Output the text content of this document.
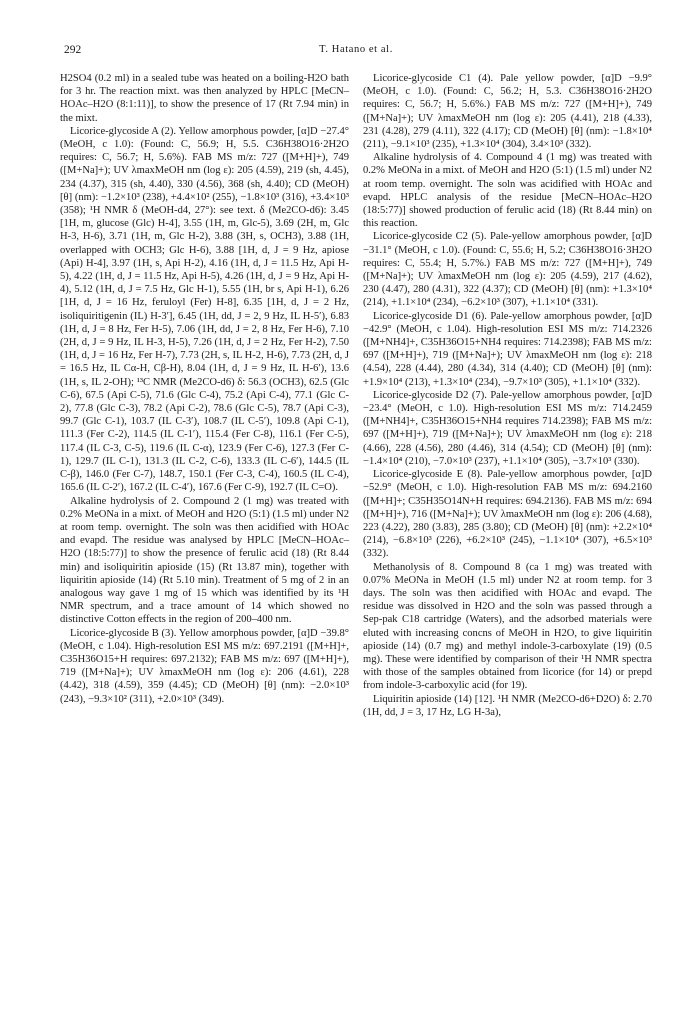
292	T. Hatano et al.

H2SO4 (0.2 ml) in a sealed tube was heated on a boiling-H2O bath for 3 hr. The reaction mixt. was then analyzed by HPLC [MeCN–HOAc–H2O (8:1:11)], to show the presence of 17 (Rt 7.94 min) in the mixt.

Licorice-glycoside A (2). Yellow amorphous powder, [α]D −27.4° (MeOH, c 1.0): (Found: C, 56.9; H, 5.5. C36H38O16·2H2O requires: C, 56.7; H, 5.6%). FAB MS m/z: 727 ([M+H]+), 749 ([M+Na]+); UV λmaxMeOH nm (log ε): 205 (4.59), 219 (sh, 4.45), 234 (4.37), 315 (sh, 4.40), 330 (4.56), 368 (sh, 4.40); CD (MeOH) [θ] (nm): −1.2×10³ (238), +4.4×10² (255), −1.8×10³ (316), +3.4×10³ (358); ¹H NMR δ (MeOH-d4, 27°): see text. δ (Me2CO-d6): 3.45 [1H, m, glucose (Glc) H-4], 3.55 (1H, m, Glc-5), 3.69 (2H, m, Glc H-3, H-6), 3.71 (1H, m, Glc H-2), 3.88 (3H, s, OCH3), 3.88 (1H, overlapped with OCH3; Glc H-6), 3.88 [1H, d, J = 9 Hz, apiose (Api) H-4], 3.97 (1H, s, Api H-2), 4.16 (1H, d, J = 11.5 Hz, Api H-5), 4.22 (1H, d, J = 11.5 Hz, Api H-5), 4.26 (1H, d, J = 9 Hz, Api H-4), 5.12 (1H, d, J = 7.5 Hz, Glc H-1), 5.55 (1H, br s, Api H-1), 6.26 [1H, d, J = 16 Hz, feruloyl (Fer) H-8], 6.35 [1H, d, J = 2 Hz, isoliquiritigenin (IL) H-3′], 6.45 (1H, dd, J = 2, 9 Hz, IL H-5′), 6.83 (1H, d, J = 8 Hz, Fer H-5), 7.06 (1H, dd, J = 2, 8 Hz, Fer H-6), 7.10 (2H, d, J = 9 Hz, IL H-3, H-5), 7.26 (1H, d, J = 2 Hz, Fer H-2), 7.50 (1H, d, J = 16 Hz, Fer H-7), 7.73 (2H, s, IL H-2, H-6), 7.73 (2H, d, J = 16.5 Hz, IL Cα-H, Cβ-H), 8.04 (1H, d, J = 9 Hz, IL H-6′), 13.6 (1H, s, IL 2-OH); ¹³C NMR (Me2CO-d6) δ: 56.3 (OCH3), 62.5 (Glc C-6), 67.5 (Api C-5), 71.6 (Glc C-4), 75.2 (Api C-4), 77.1 (Glc C-2), 77.8 (Glc C-3), 78.2 (Api C-2), 78.6 (Glc C-5), 78.7 (Api C-3), 99.7 (Glc C-1), 103.7 (IL C-3′), 108.7 (IL C-5′), 109.8 (Api C-1), 111.3 (Fer C-2), 114.5 (IL C-1′), 115.4 (Fer C-8), 116.1 (Fer C-5), 117.4 (IL C-3, C-5), 119.6 (IL C-α), 123.9 (Fer C-6), 127.3 (Fer C-1), 129.7 (IL C-1), 131.3 (IL C-2, C-6), 133.3 (IL C-6′), 144.5 (IL C-β), 146.0 (Fer C-7), 148.7, 150.1 (Fer C-3, C-4), 160.5 (IL C-4), 165.6 (IL C-2′), 167.2 (IL C-4′), 167.6 (Fer C-9), 192.7 (IL C=O).

Alkaline hydrolysis of 2. Compound 2 (1 mg) was treated with 0.2% MeONa in a mixt. of MeOH and H2O (5:1) (1.5 ml) under N2 at room temp. overnight. The soln was then acidified with HOAc and evapd. The residue was analysed by HPLC [MeCN–HOAc–H2O (18:5:77)] to show the presence of ferulic acid (18) (Rt 8.44 min) and isoliquiritin apioside (15) (Rt 13.87 min), together with liquiritin apioside (14) (Rt 5.10 min). Treatment of 5 mg of 2 in an analogous way gave 1 mg of 15 which was identified by its ¹H NMR spectrum, and a trace amount of 14 which showed no distinctive Cotton effects in the region of 200–400 nm.

Licorice-glycoside B (3). Yellow amorphous powder, [α]D −39.8° (MeOH, c 1.04). High-resolution ESI MS m/z: 697.2191 ([M+H]+, C35H36O15+H requires: 697.2132); FAB MS m/z: 697 ([M+H]+), 719 ([M+Na]+); UV λmaxMeOH nm (log ε): 206 (4.61), 228 (4.42), 318 (4.59), 359 (4.45); CD (MeOH) [θ] (nm): −2.0×10³ (243), −9.3×10² (311), +2.0×10³ (349).

Licorice-glycoside C1 (4). Pale yellow powder, [α]D −9.9° (MeOH, c 1.0). (Found: C, 56.2; H, 5.3. C36H38O16·2H2O requires: C, 56.7; H, 5.6%.) FAB MS m/z: 727 ([M+H]+), 749 ([M+Na]+); UV λmaxMeOH nm (log ε): 205 (4.41), 218 (4.33), 231 (4.28), 279 (4.11), 322 (4.17); CD (MeOH) [θ] (nm): −1.8×10⁴ (211), −9.1×10³ (235), +1.3×10⁴ (304), 3.4×10³ (332).

Alkaline hydrolysis of 4. Compound 4 (1 mg) was treated with 0.2% MeONa in a mixt. of MeOH and H2O (5:1) (1.5 ml) under N2 at room temp. overnight. The soln was acidified with HOAc and evapd. HPLC analysis of the residue [MeCN–HOAc–H2O (18:5:77)] showed production of ferulic acid (18) (Rt 8.44 min) on this reaction.

Licorice-glycoside C2 (5). Pale-yellow amorphous powder, [α]D −31.1° (MeOH, c 1.0). (Found: C, 55.6; H, 5.2; C36H38O16·3H2O requires: C, 55.4; H, 5.7%.) FAB MS m/z: 727 ([M+H]+), 749 ([M+Na]+); UV λmaxMeOH nm (log ε): 205 (4.59), 217 (4.62), 230 (4.47), 280 (4.31), 322 (4.37); CD (MeOH) [θ] (nm): +1.3×10⁴ (214), +1.1×10⁴ (234), −6.2×10³ (307), +1.1×10⁴ (331).

Licorice-glycoside D1 (6). Pale-yellow amorphous powder, [α]D −42.9° (MeOH, c 1.04). High-resolution ESI MS m/z: 714.2326 ([M+NH4]+, C35H36O15+NH4 requires: 714.2398); FAB MS m/z: 697 ([M+H]+), 719 ([M+Na]+); UV λmaxMeOH nm (log ε): 218 (4.54), 228 (4.44), 280 (4.34), 314 (4.40); CD (MeOH) [θ] (nm): +1.9×10⁴ (213), +1.3×10⁴ (234), −9.7×10³ (305), +1.1×10⁴ (332).

Licorice-glycoside D2 (7). Pale-yellow amorphous powder, [α]D −23.4° (MeOH, c 1.0). High-resolution ESI MS m/z: 714.2459 ([M+NH4]+, C35H36O15+NH4 requires 714.2398); FAB MS m/z: 697 ([M+H]+), 719 ([M+Na]+); UV λmaxMeOH nm (log ε): 218 (4.66), 228 (4.56), 280 (4.46), 314 (4.54); CD (MeOH) [θ] (nm): −1.4×10⁴ (210), −7.0×10³ (237), +1.1×10⁴ (305), −3.7×10³ (330).

Licorice-glycoside E (8). Pale-yellow amorphous powder, [α]D −52.9° (MeOH, c 1.0). High-resolution FAB MS m/z: 694.2160 ([M+H]+; C35H35O14N+H requires: 694.2136). FAB MS m/z: 694 ([M+H]+), 716 ([M+Na]+); UV λmaxMeOH nm (log ε): 206 (4.68), 223 (4.22), 280 (3.83), 285 (3.80); CD (MeOH) [θ] (nm): +2.2×10⁴ (214), −6.8×10³ (226), +6.2×10³ (245), −1.1×10⁴ (307), +6.5×10³ (332).

Methanolysis of 8. Compound 8 (ca 1 mg) was treated with 0.07% MeONa in MeOH (1.5 ml) under N2 at room temp. for 3 days. The soln was then acidified with HOAc and evapd. The residue was dissolved in H2O and the soln was passed through a Sep-pak C18 cartridge (Waters), and the adsorbed materials were eluted with increasing concns of MeOH in H2O, to give liquiritin apioside (14) (0.7 mg) and methyl indole-3-carboxylate (19) (0.5 mg). These were identified by comparison of their ¹H NMR spectra with those of the samples obtained from licorice (for 14) or prepd from indole-3-carboxylic acid (for 19).

Liquiritin apioside (14) [12]. ¹H NMR (Me2CO-d6+D2O) δ: 2.70 (1H, dd, J = 3, 17 Hz, LG H-3a),
